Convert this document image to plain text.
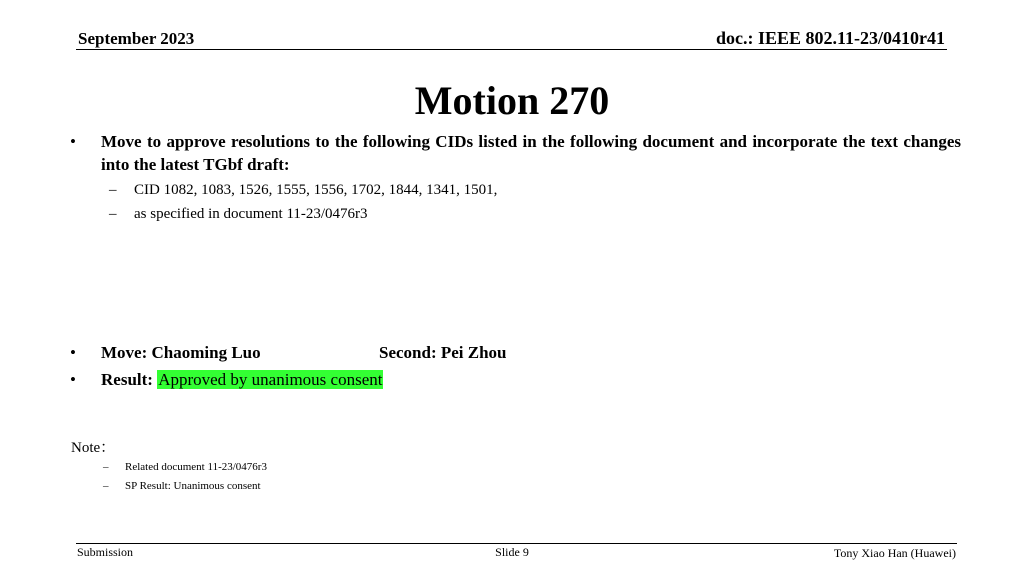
September 2023	doc.: IEEE 802.11-23/0410r41
Motion 270
• Move to approve resolutions to the following CIDs listed in the following document and incorporate the text changes into the latest TGbf draft:
– CID 1082, 1083, 1526, 1555, 1556, 1702, 1844, 1341, 1501,
– as specified in document 11-23/0476r3
• Move: Chaoming Luo	Second: Pei Zhou
• Result: Approved by unanimous consent
Note：
– Related document 11-23/0476r3
– SP Result: Unanimous consent
Submission	Slide 9	Tony Xiao Han (Huawei)
